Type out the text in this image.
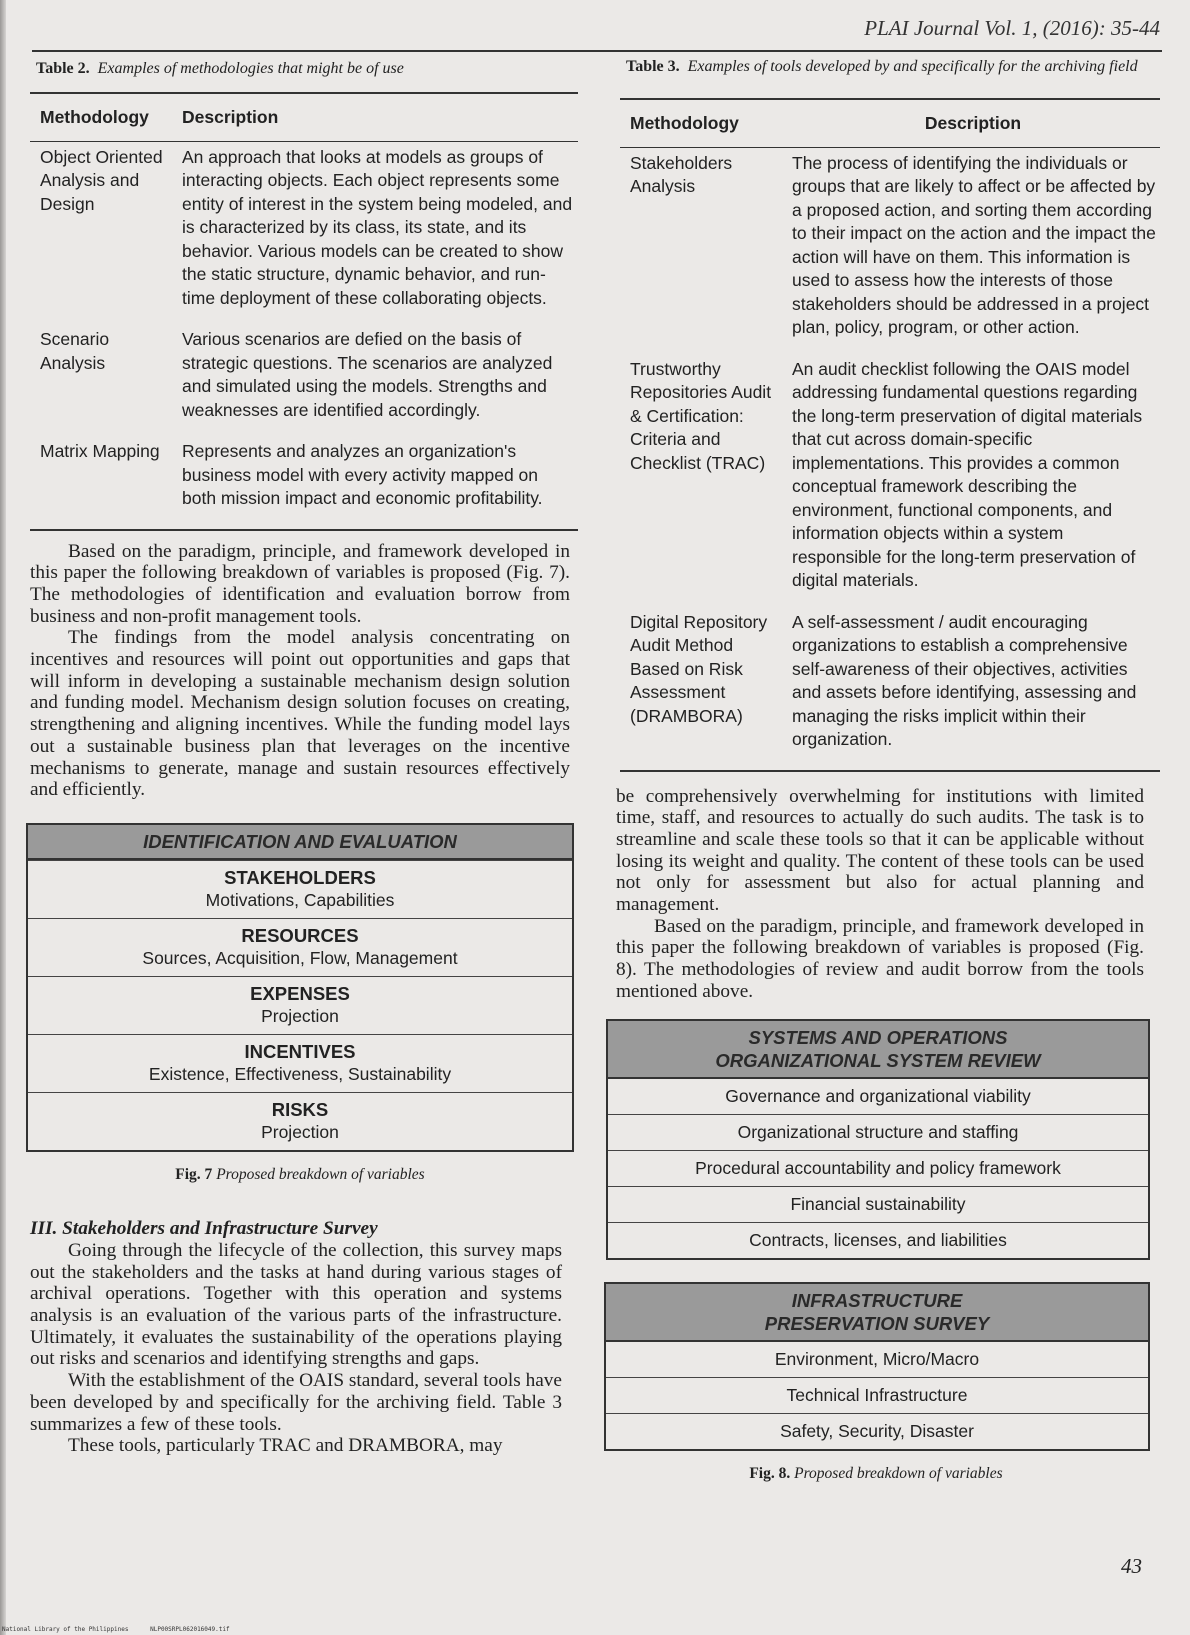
PLAI Journal Vol. 1, (2016): 35-44

Table 2. Examples of methodologies that might be of use

Methodology	Description
Object Oriented Analysis and Design	An approach that looks at models as groups of interacting objects. Each object represents some entity of interest in the system being modeled, and is characterized by its class, its state, and its behavior. Various models can be created to show the static structure, dynamic behavior, and run-time deployment of these collaborating objects.
Scenario Analysis	Various scenarios are defied on the basis of strategic questions. The scenarios are analyzed and simulated using the models. Strengths and weaknesses are identified accordingly.
Matrix Mapping	Represents and analyzes an organization's business model with every activity mapped on both mission impact and economic profitability.

Based on the paradigm, principle, and framework developed in this paper the following breakdown of variables is proposed (Fig. 7). The methodologies of identification and evaluation borrow from business and non-profit management tools.

The findings from the model analysis concentrating on incentives and resources will point out opportunities and gaps that will inform in developing a sustainable mechanism design solution and funding model. Mechanism design solution focuses on creating, strengthening and aligning incentives. While the funding model lays out a sustainable business plan that leverages on the incentive mechanisms to generate, manage and sustain resources effectively and efficiently.

IDENTIFICATION AND EVALUATION
STAKEHOLDERS
Motivations, Capabilities
RESOURCES
Sources, Acquisition, Flow, Management
EXPENSES
Projection
INCENTIVES
Existence, Effectiveness, Sustainability
RISKS
Projection
Fig. 7 Proposed breakdown of variables
III. Stakeholders and Infrastructure Survey

Going through the lifecycle of the collection, this survey maps out the stakeholders and the tasks at hand during various stages of archival operations. Together with this operation and systems analysis is an evaluation of the various parts of the infrastructure. Ultimately, it evaluates the sustainability of the operations playing out risks and scenarios and identifying strengths and gaps.

With the establishment of the OAIS standard, several tools have been developed by and specifically for the archiving field. Table 3 summarizes a few of these tools.

These tools, particularly TRAC and DRAMBORA, may

Table 3. Examples of tools developed by and specifically for the archiving field

Methodology	Description
Stakeholders Analysis	The process of identifying the individuals or groups that are likely to affect or be affected by a proposed action, and sorting them according to their impact on the action and the impact the action will have on them. This information is used to assess how the interests of those stakeholders should be addressed in a project plan, policy, program, or other action.
Trustworthy Repositories Audit & Certification: Criteria and Checklist (TRAC)	An audit checklist following the OAIS model addressing fundamental questions regarding the long-term preservation of digital materials that cut across domain-specific implementations. This provides a common conceptual framework describing the environment, functional components, and information objects within a system responsible for the long-term preservation of digital materials.
Digital Repository Audit Method Based on Risk Assessment (DRAMBORA)	A self-assessment / audit encouraging organizations to establish a comprehensive self-awareness of their objectives, activities and assets before identifying, assessing and managing the risks implicit within their organization.

be comprehensively overwhelming for institutions with limited time, staff, and resources to actually do such audits. The task is to streamline and scale these tools so that it can be applicable without losing its weight and quality. The content of these tools can be used not only for assessment but also for actual planning and management.

Based on the paradigm, principle, and framework developed in this paper the following breakdown of variables is proposed (Fig. 8). The methodologies of review and audit borrow from the tools mentioned above.

SYSTEMS AND OPERATIONS
ORGANIZATIONAL SYSTEM REVIEW
Governance and organizational viability
Organizational structure and staffing
Procedural accountability and policy framework
Financial sustainability
Contracts, licenses, and liabilities
INFRASTRUCTURE
PRESERVATION SURVEY
Environment, Micro/Macro
Technical Infrastructure
Safety, Security, Disaster
Fig. 8. Proposed breakdown of variables
43
National Library of the Philippines      NLP00SRPL062016049.tif
